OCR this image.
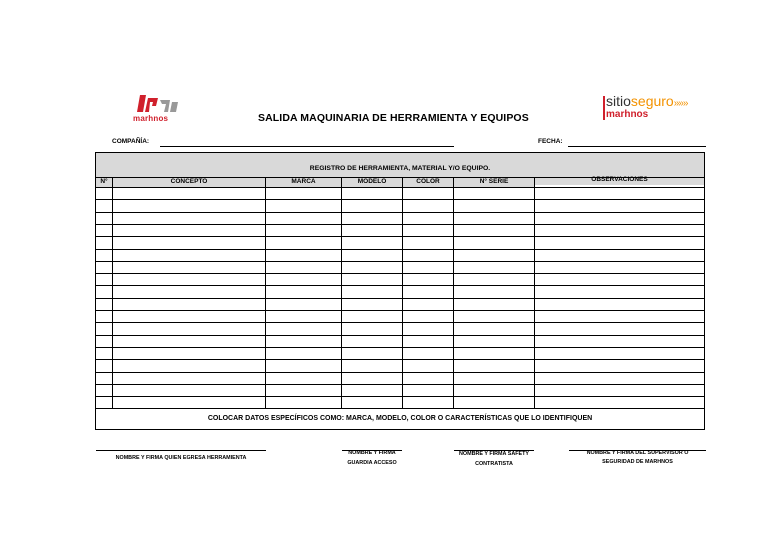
marhnos
sitioseguro»»»
marhnos
SALIDA MAQUINARIA DE HERRAMIENTA Y EQUIPOS
COMPAÑÍA:	FECHA:
REGISTRO DE HERRAMIENTA, MATERIAL Y/O EQUIPO.
N°	CONCEPTO	MARCA	MODELO	COLOR	N° SERIE	OBSERVACIONES
COLOCAR DATOS ESPECÍFICOS COMO: MARCA, MODELO, COLOR O CARACTERÍSTICAS QUE LO IDENTIFIQUEN
NOMBRE Y FIRMA QUIEN EGRESA HERRAMIENTA
NOMBRE Y FIRMA
GUARDIA ACCESO
NOMBRE Y FIRMA SAFETY
CONTRATISTA
NOMBRE Y FIRMA DEL SUPERVISOR O
SEGURIDAD DE MARHNOS
